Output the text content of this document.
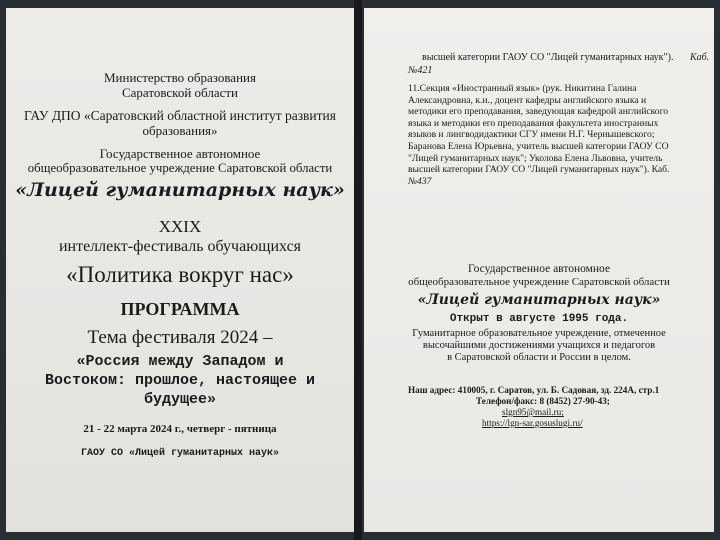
Министерство образования
Саратовской области
ГАУ ДПО «Саратовский областной институт развития
образования»
Государственное автономное
общеобразовательное учреждение Саратовской области
«Лицей гуманитарных наук»
XXIX
интеллект-фестиваль обучающихся
«Политика вокруг нас»
ПРОГРАММА
Тема фестиваля 2024 –
«Россия между Западом и
Востоком: прошлое, настоящее и
будущее»
21 - 22 марта 2024 г., четверг - пятница
ГАОУ СО «Лицей гуманитарных наук»
высшей категории ГАОУ СО "Лицей гуманитарных наук"). Каб.
№421
11.Секция «Иностранный язык» (рук. Никитина Галина
Александровна, к.н., доцент кафедры английского языка и
методики его преподавания, заведующая кафедрой английского
языка и методики его преподавания факультета иностранных
языков и лингводидактики СГУ имени Н.Г. Чернышевского;
Баранова Елена Юрьевна, учитель высшей категории ГАОУ СО
"Лицей гуманитарных наук"; Уколова Елена Львовна, учитель
высшей категории ГАОУ СО "Лицей гуманитарных наук"). Каб.
№437
Государственное автономное
общеобразовательное учреждение Саратовской области
«Лицей гуманитарных наук»
Открыт в августе 1995 года.
Гуманитарное образовательное учреждение, отмеченное
высочайшими достижениями учащихся и педагогов
в Саратовской области и России в целом.
Наш адрес: 410005, г. Саратов, ул. Б. Садовая, зд. 224А, стр.1
Телефон/факс: 8 (8452) 27-90-43;
slgn95@mail.ru;
https://lgn-sar.gosuslugi.ru/
